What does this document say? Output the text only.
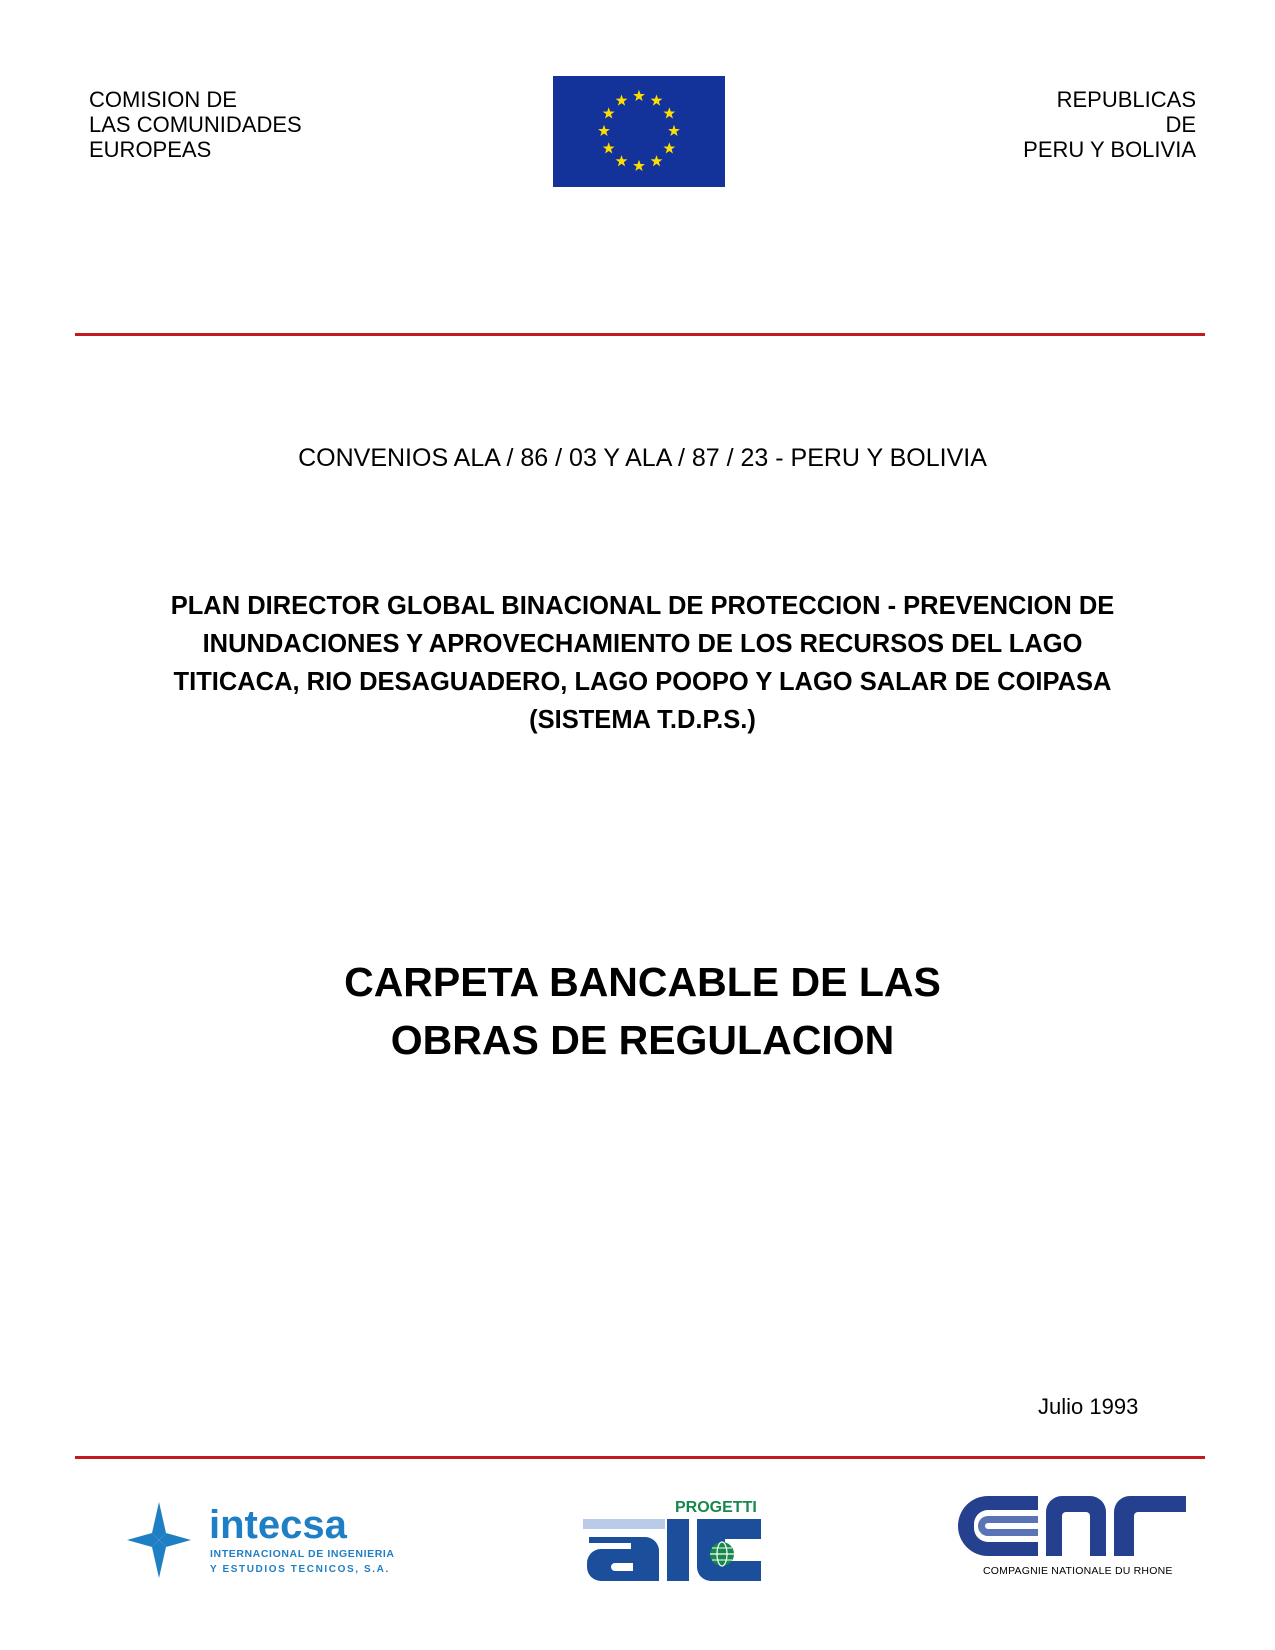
COMISION DE
LAS COMUNIDADES
EUROPEAS
REPUBLICAS
DE
PERU Y BOLIVIA
CONVENIOS ALA / 86 / 03 Y ALA / 87 / 23 - PERU Y BOLIVIA
PLAN DIRECTOR GLOBAL BINACIONAL DE PROTECCION - PREVENCION DE
INUNDACIONES Y APROVECHAMIENTO DE LOS RECURSOS DEL LAGO
TITICACA, RIO DESAGUADERO, LAGO POOPO Y LAGO SALAR DE COIPASA
(SISTEMA T.D.P.S.)
CARPETA BANCABLE DE LAS
OBRAS DE REGULACION
Julio 1993
intecsa
INTERNACIONAL DE INGENIERIA
Y ESTUDIOS TECNICOS, S.A.
PROGETTI
COMPAGNIE NATIONALE DU RHONE
